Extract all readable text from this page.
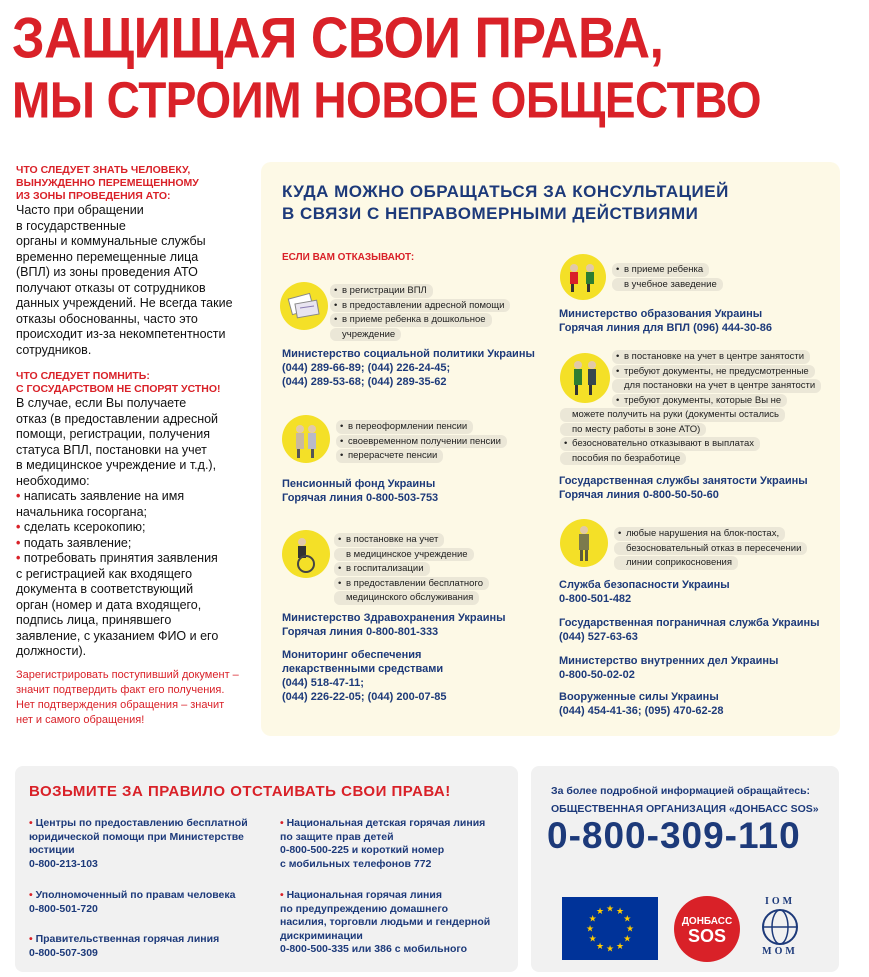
ЗАЩИЩАЯ СВОИ ПРАВА,
МЫ СТРОИМ НОВОЕ ОБЩЕСТВО
ЧТО СЛЕДУЕТ ЗНАТЬ ЧЕЛОВЕКУ,
ВЫНУЖДЕННО ПЕРЕМЕЩЕННОМУ
ИЗ ЗОНЫ ПРОВЕДЕНИЯ АТО:
Часто при обращении
в государственные
органы и коммунальные службы
временно перемещенные лица
(ВПЛ) из зоны проведения АТО
получают отказы от сотрудников
данных учреждений. Не всегда такие
отказы обоснованны, часто это
происходит из-за некомпетентности
сотрудников.
ЧТО СЛЕДУЕТ ПОМНИТЬ:
С ГОСУДАРСТВОМ НЕ СПОРЯТ УСТНО!
В случае, если Вы получаете
отказ (в предоставлении адресной
помощи, регистрации, получения
статуса ВПЛ, постановки на учет
в медицинское учреждение и т.д.),
необходимо:
• написать заявление на имя
начальника госоргана;
• сделать ксерокопию;
• подать заявление;
• потребовать принятия заявления
с регистрацией как входящего
документа в соответствующий
орган (номер и дата входящего,
подпись лица, принявшего
заявление, с указанием ФИО и его
должности).
Зарегистрировать поступивший документ –
значит подтвердить факт его получения.
Нет подтверждения обращения – значит
нет и самого обращения!
КУДА МОЖНО ОБРАЩАТЬСЯ ЗА КОНСУЛЬТАЦИЕЙ
В СВЯЗИ С НЕПРАВОМЕРНЫМИ ДЕЙСТВИЯМИ
ЕСЛИ ВАМ ОТКАЗЫВАЮТ:
• в регистрации ВПЛ
• в предоставлении адресной помощи
• в приеме ребенка в дошкольное
учреждение
Министерство социальной политики Украины
(044) 289-66-89; (044) 226-24-45;
(044) 289-53-68; (044) 289-35-62
• в переоформлении пенсии
• своевременном получении пенсии
• перерасчете пенсии
Пенсионный фонд Украины
Горячая линия 0-800-503-753
• в постановке на учет
в медицинское учреждение
• в госпитализации
• в предоставлении бесплатного
медицинского обслуживания
Министерство Здравохранения Украины
Горячая линия 0-800-801-333
Мониторинг обеспечения
лекарственными средствами
(044) 518-47-11;
(044) 226-22-05; (044) 200-07-85
• в приеме ребенка
в учебное заведение
Министерство образования Украины
Горячая линия для ВПЛ (096) 444-30-86
• в постановке на учет в центре занятости
• требуют документы, не предусмотренные
для постановки на учет в центре занятости
• требуют документы, которые Вы не
можете получить на руки (документы остались
по месту работы в зоне АТО)
• безосновательно отказывают в выплатах
пособия по безработице
Государственная службы занятости Украины
Горячая линия 0-800-50-50-60
• любые нарушения на блок-постах,
безосновательный отказ в пересечении
линии соприкосновения
Служба безопасности Украины
0-800-501-482
Государственная пограничная служба Украины
(044) 527-63-63
Министерство внутренних дел Украины
0-800-50-02-02
Вооруженные силы Украины
(044) 454-41-36; (095) 470-62-28
ВОЗЬМИТЕ ЗА ПРАВИЛО ОТСТАИВАТЬ СВОИ ПРАВА!
• Центры по предоставлению бесплатной
юридической помощи при Министерстве
юстиции
0-800-213-103
• Уполномоченный по правам человека
0-800-501-720
• Правительственная горячая линия
0-800-507-309
• Национальная детская горячая линия
по защите прав детей
0-800-500-225 и короткий номер
с мобильных телефонов 772
• Национальная горячая линия
по предупреждению домашнего
насилия, торговли людьми и гендерной
дискриминации
0-800-500-335 или 386 с мобильного
За более подробной информацией обращайтесь:
ОБЩЕСТВЕННАЯ ОРГАНИЗАЦИЯ «ДОНБАСС SOS»
0-800-309-110
★ ★
★
★
★
★
★
★
★
★
★
★
ДОНБАСС
SOS
IOM
MOM
